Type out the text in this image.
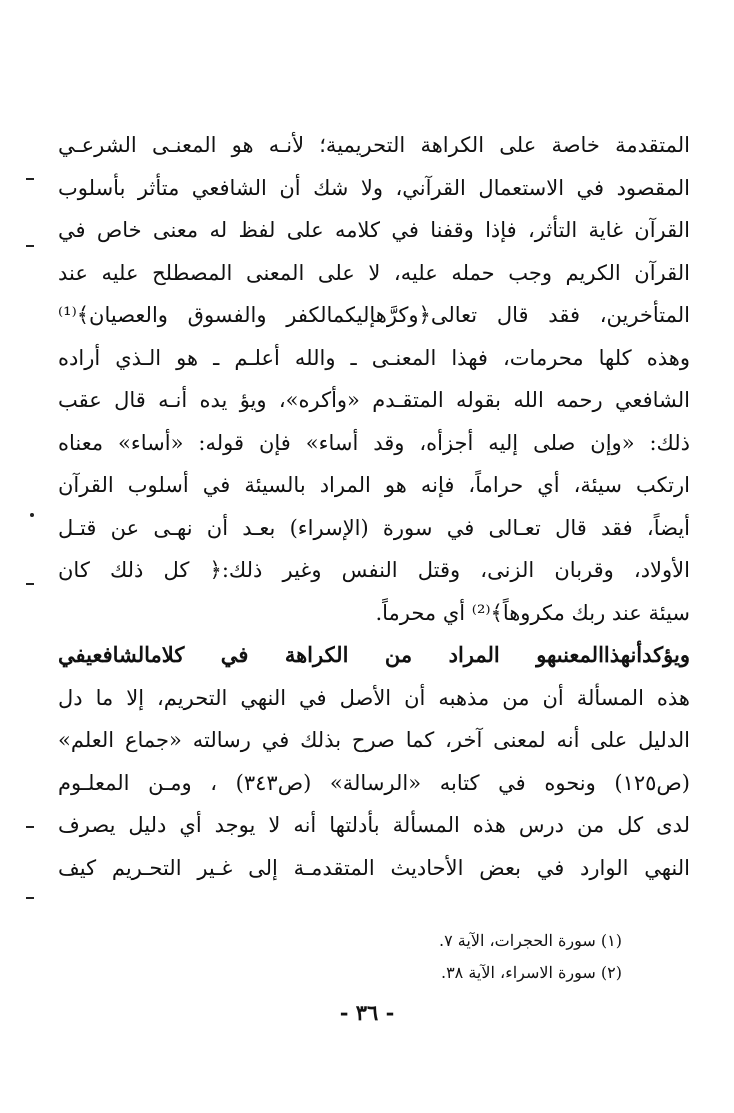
المتقدمة خاصة على الكراهة التحريمية؛ لأنـه هو المعنـى الشرعـي
المقصود في الاستعمال القرآني، ولا شك أن الشافعي متأثر بأسلوب
القرآن غاية التأثر، فإذا وقفنا في كلامه على لفظ له معنى خاص في
القرآن الكريم وجب حمله عليه، لا على المعنى المصطلح عليه عند
المتأخرين، فقد قال تعالى﴿وكرَّهإليكمالكفر والفسوق والعصيان﴾⁽¹⁾
وهذه كلها محرمات، فهذا المعنـى ـ والله أعلـم ـ هو الـذي أراده
الشافعي رحمه الله بقوله المتقـدم «وأكره»، ويؤ يده أنـه قال عقب
ذلك: «وإن صلى إليه أجزأه، وقد أساء» فإن قوله: «أساء» معناه
ارتكب سيئة، أي حراماً، فإنه هو المراد بالسيئة في أسلوب القرآن
أيضاً، فقد قال تعـالى في سورة (الإسراء) بعـد أن نهـى عن قتـل
الأولاد، وقربان الزنى، وقتل النفس وغير ذلك:﴿ كل ذلك كان
سيئة عند ربك مكروهاً﴾⁽²⁾ أي محرماً.
ويؤكدأنهذاالمعنىهو المراد من الكراهة في كلامالشافعيفي
هذه المسألة أن من مذهبه أن الأصل في النهي التحريم، إلا ما دل
الدليل على أنه لمعنى آخر، كما صرح بذلك في رسالته «جماع العلم»
(ص١٢٥) ونحوه في كتابه «الرسالة» (ص٣٤٣) ، ومـن المعلـوم
لدى كل من درس هذه المسألة بأدلتها أنه لا يوجد أي دليل يصرف
النهي الوارد في بعض الأحاديث المتقدمـة إلى غـير التحـريم كيف
(١) سورة الحجرات، الآية ٧.
(٢) سورة الاسراء، الآية ٣٨.
- ٣٦ -
